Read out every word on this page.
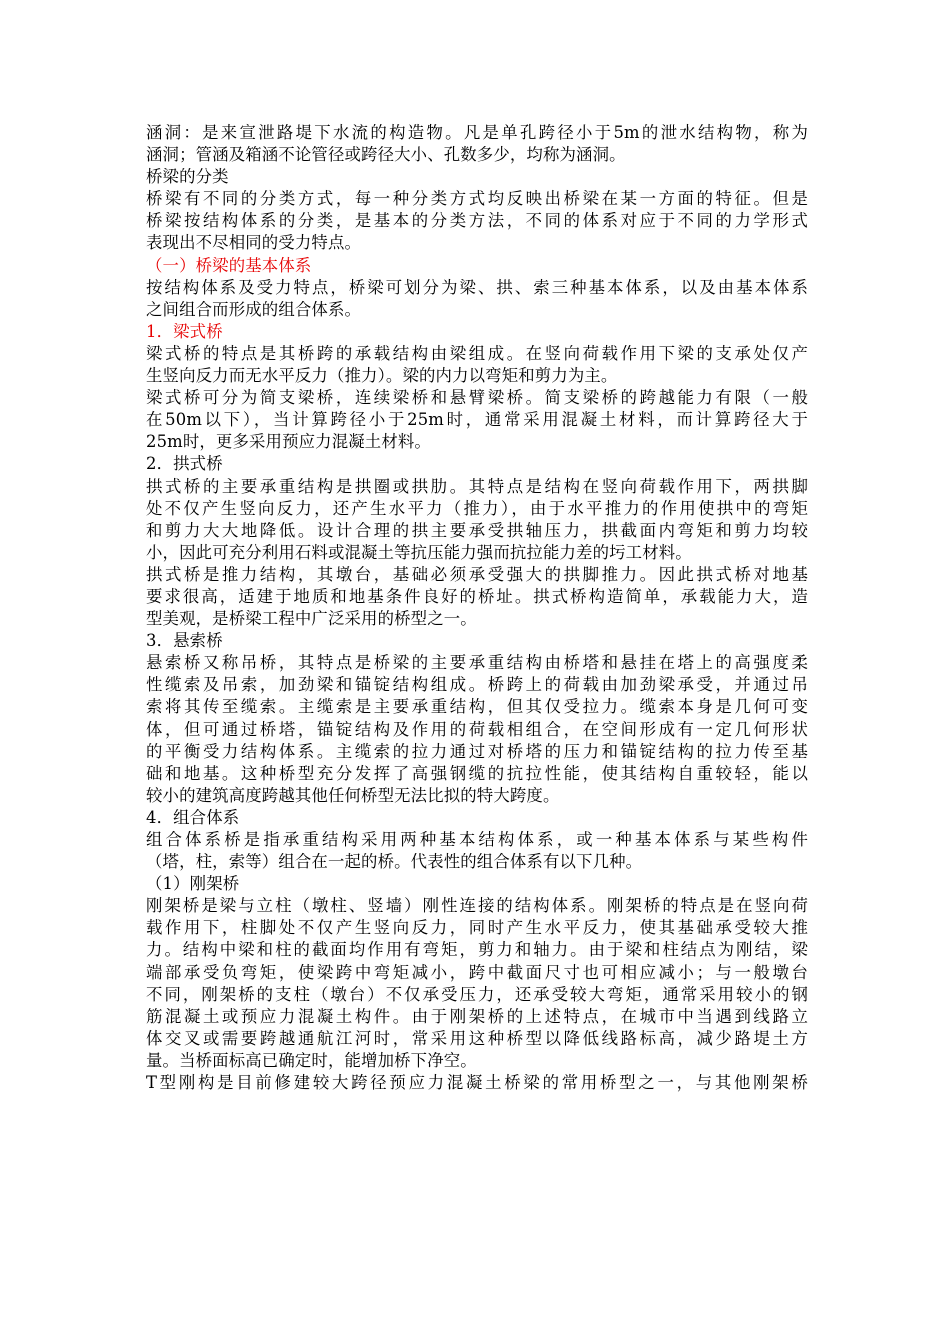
涵洞：是来宣泄路堤下水流的构造物。凡是单孔跨径小于5m的泄水结构物，称为
涵洞；管涵及箱涵不论管径或跨径大小、孔数多少，均称为涵洞。
桥梁的分类
桥梁有不同的分类方式，每一种分类方式均反映出桥梁在某一方面的特征。但是
桥梁按结构体系的分类，是基本的分类方法，不同的体系对应于不同的力学形式
表现出不尽相同的受力特点。
（一）桥梁的基本体系
按结构体系及受力特点，桥梁可划分为梁、拱、索三种基本体系，以及由基本体系
之间组合而形成的组合体系。
1．梁式桥
梁式桥的特点是其桥跨的承载结构由梁组成。在竖向荷载作用下梁的支承处仅产
生竖向反力而无水平反力（推力）。梁的内力以弯矩和剪力为主。
梁式桥可分为简支梁桥，连续梁桥和悬臂梁桥。简支梁桥的跨越能力有限（一般
在50m以下），当计算跨径小于25m时，通常采用混凝土材料，而计算跨径大于
25m时，更多采用预应力混凝土材料。
2．拱式桥
拱式桥的主要承重结构是拱圈或拱肋。其特点是结构在竖向荷载作用下，两拱脚
处不仅产生竖向反力，还产生水平力（推力），由于水平推力的作用使拱中的弯矩
和剪力大大地降低。设计合理的拱主要承受拱轴压力，拱截面内弯矩和剪力均较
小，因此可充分利用石料或混凝土等抗压能力强而抗拉能力差的圬工材料。
拱式桥是推力结构，其墩台，基础必须承受强大的拱脚推力。因此拱式桥对地基
要求很高，适建于地质和地基条件良好的桥址。拱式桥构造简单，承载能力大，造
型美观，是桥梁工程中广泛采用的桥型之一。
3．悬索桥
悬索桥又称吊桥，其特点是桥梁的主要承重结构由桥塔和悬挂在塔上的高强度柔
性缆索及吊索，加劲梁和锚锭结构组成。桥跨上的荷载由加劲梁承受，并通过吊
索将其传至缆索。主缆索是主要承重结构，但其仅受拉力。缆索本身是几何可变
体，但可通过桥塔，锚锭结构及作用的荷载相组合，在空间形成有一定几何形状
的平衡受力结构体系。主缆索的拉力通过对桥塔的压力和锚锭结构的拉力传至基
础和地基。这种桥型充分发挥了高强钢缆的抗拉性能，使其结构自重较轻，能以
较小的建筑高度跨越其他任何桥型无法比拟的特大跨度。
4．组合体系
组合体系桥是指承重结构采用两种基本结构体系，或一种基本体系与某些构件
（塔，柱，索等）组合在一起的桥。代表性的组合体系有以下几种。
（1）刚架桥
刚架桥是梁与立柱（墩柱、竖墙）刚性连接的结构体系。刚架桥的特点是在竖向荷
载作用下，柱脚处不仅产生竖向反力，同时产生水平反力，使其基础承受较大推
力。结构中梁和柱的截面均作用有弯矩，剪力和轴力。由于梁和柱结点为刚结，梁
端部承受负弯矩，使梁跨中弯矩减小，跨中截面尺寸也可相应减小；与一般墩台
不同，刚架桥的支柱（墩台）不仅承受压力，还承受较大弯矩，通常采用较小的钢
筋混凝土或预应力混凝土构件。由于刚架桥的上述特点，在城市中当遇到线路立
体交叉或需要跨越通航江河时，常采用这种桥型以降低线路标高，减少路堤土方
量。当桥面标高已确定时，能增加桥下净空。
T型刚构是目前修建较大跨径预应力混凝土桥梁的常用桥型之一，与其他刚架桥
